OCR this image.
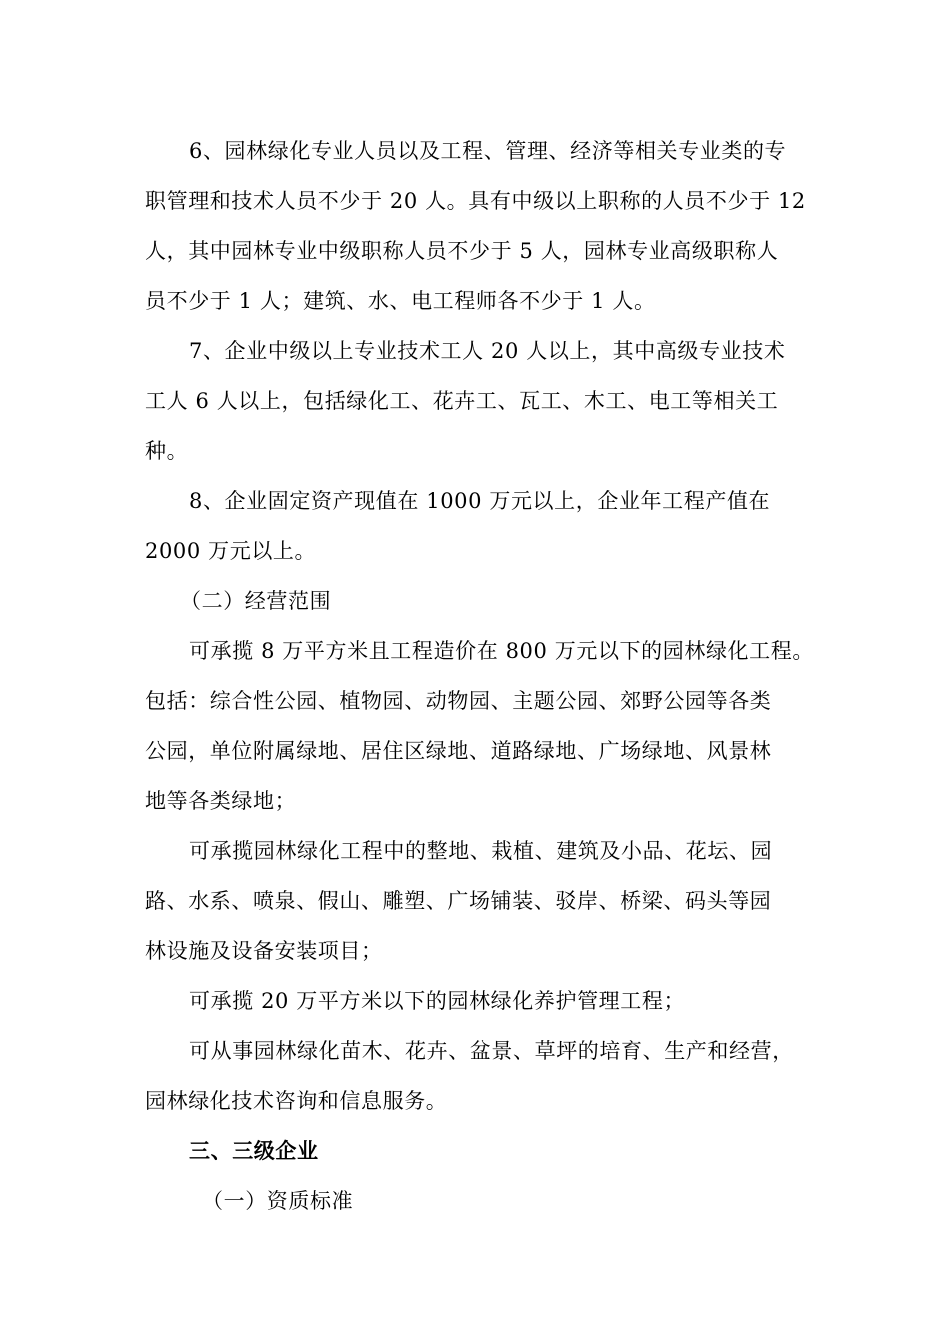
6、园林绿化专业人员以及工程、管理、经济等相关专业类的专
职管理和技术人员不少于 20 人。具有中级以上职称的人员不少于 12
人，其中园林专业中级职称人员不少于 5 人，园林专业高级职称人
员不少于 1 人；建筑、水、电工程师各不少于 1 人。
7、企业中级以上专业技术工人 20 人以上，其中高级专业技术
工人 6 人以上，包括绿化工、花卉工、瓦工、木工、电工等相关工
种。
8、企业固定资产现值在 1000 万元以上，企业年工程产值在
2000 万元以上。
（二）经营范围
可承揽 8 万平方米且工程造价在 800 万元以下的园林绿化工程。
包括：综合性公园、植物园、动物园、主题公园、郊野公园等各类
公园，单位附属绿地、居住区绿地、道路绿地、广场绿地、风景林
地等各类绿地；
可承揽园林绿化工程中的整地、栽植、建筑及小品、花坛、园
路、水系、喷泉、假山、雕塑、广场铺装、驳岸、桥梁、码头等园
林设施及设备安装项目；
可承揽 20 万平方米以下的园林绿化养护管理工程；
可从事园林绿化苗木、花卉、盆景、草坪的培育、生产和经营，
园林绿化技术咨询和信息服务。
三、三级企业
（一）资质标准
